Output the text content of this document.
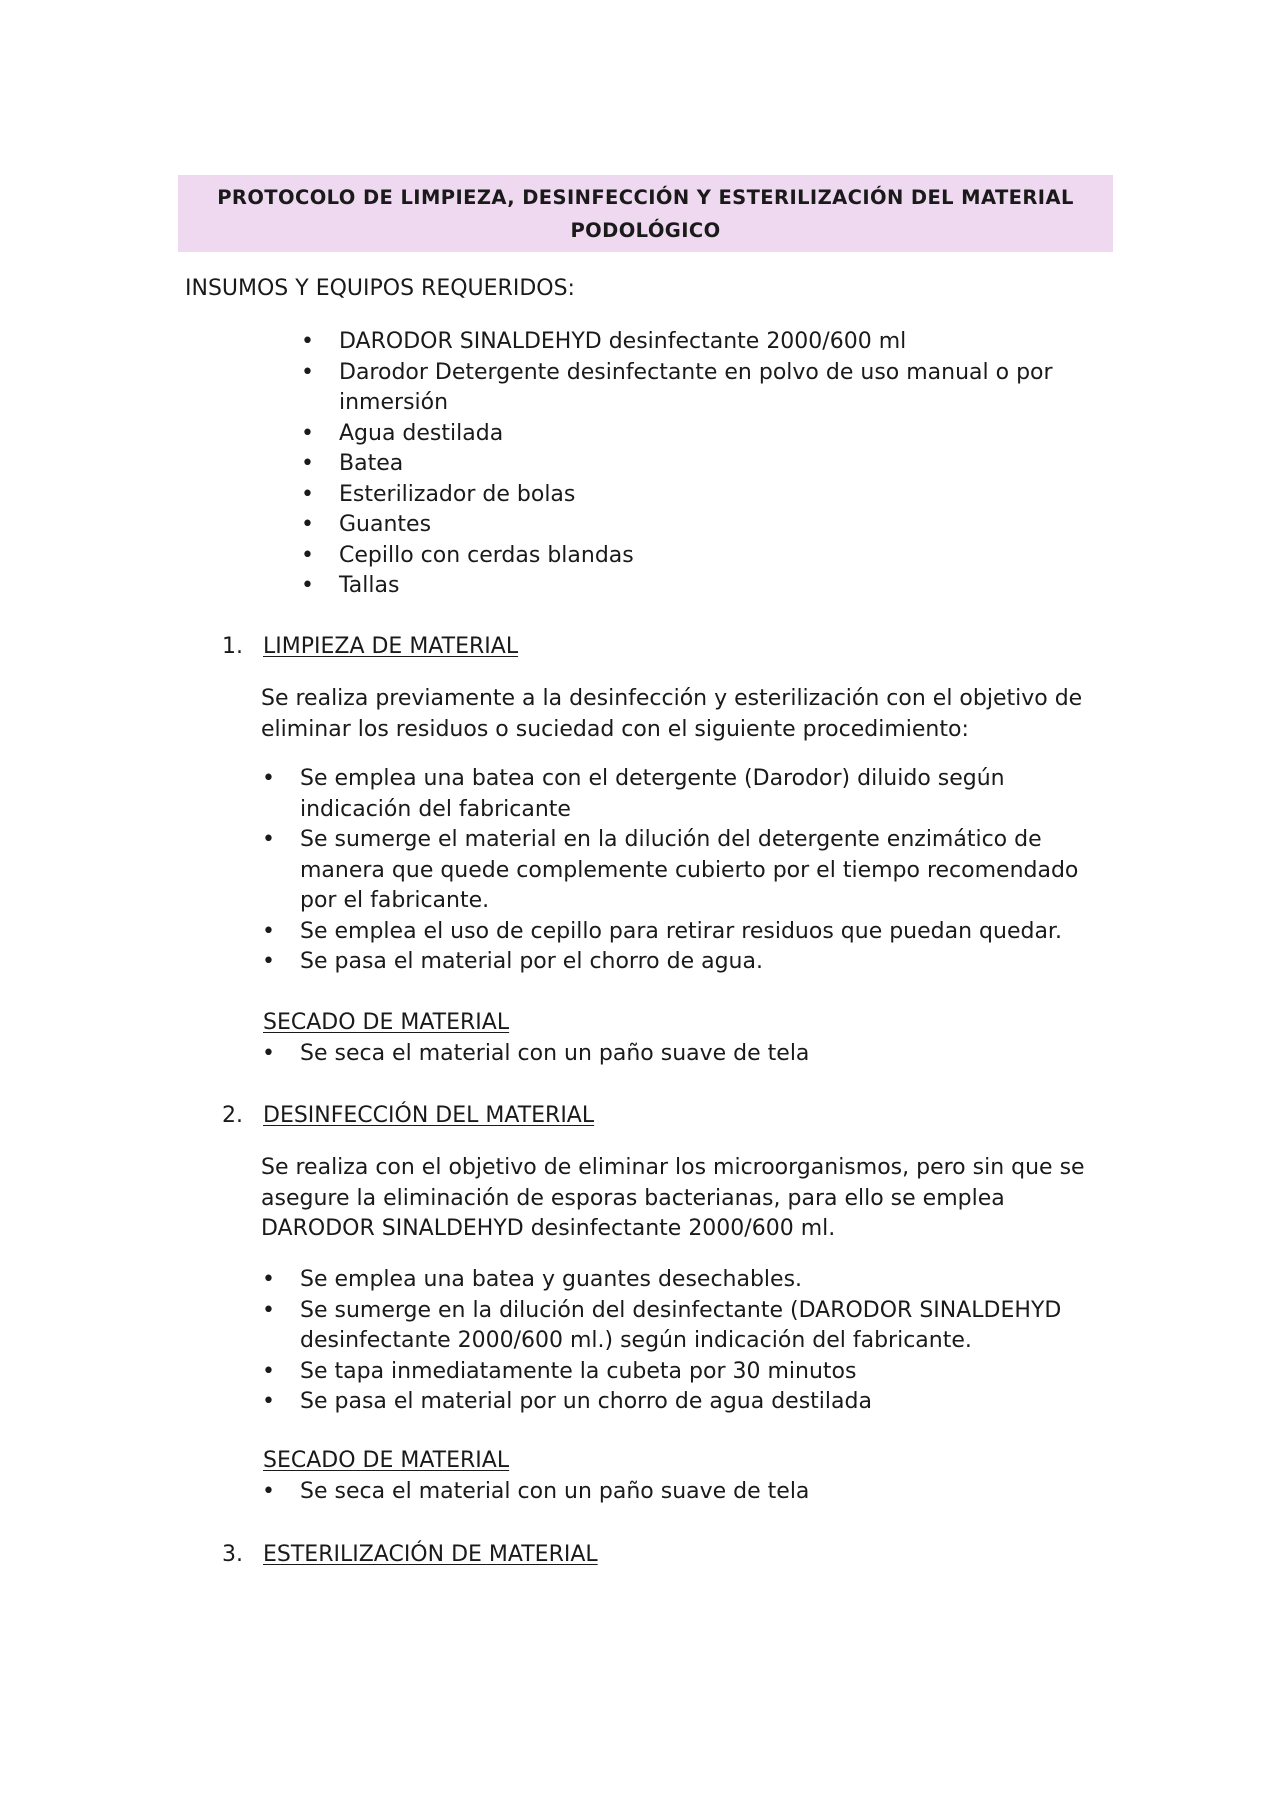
PROTOCOLO DE LIMPIEZA, DESINFECCIÓN Y ESTERILIZACIÓN DEL MATERIAL PODOLÓGICO
INSUMOS Y EQUIPOS REQUERIDOS:
• DARODOR SINALDEHYD desinfectante 2000/600 ml
• Darodor Detergente desinfectante en polvo de uso manual o por inmersión
• Agua destilada
• Batea
• Esterilizador de bolas
• Guantes
• Cepillo con cerdas blandas
• Tallas
1. LIMPIEZA DE MATERIAL
Se realiza previamente a la desinfección y esterilización con el objetivo de eliminar los residuos o suciedad con el siguiente procedimiento:
• Se emplea una batea con el detergente (Darodor) diluido según indicación del fabricante
• Se sumerge el material en la dilución del detergente enzimático de manera que quede complemente cubierto por el tiempo recomendado por el fabricante.
• Se emplea el uso de cepillo para retirar residuos que puedan quedar.
• Se pasa el material por el chorro de agua.
SECADO DE MATERIAL
• Se seca el material con un paño suave de tela
2. DESINFECCIÓN DEL MATERIAL
Se realiza con el objetivo de eliminar los microorganismos, pero sin que se asegure la eliminación de esporas bacterianas, para ello se emplea DARODOR SINALDEHYD desinfectante 2000/600 ml.
• Se emplea una batea y guantes desechables.
• Se sumerge en la dilución del desinfectante (DARODOR SINALDEHYD desinfectante 2000/600 ml.) según indicación del fabricante.
• Se tapa inmediatamente la cubeta por 30 minutos
• Se pasa el material por un chorro de agua destilada
SECADO DE MATERIAL
• Se seca el material con un paño suave de tela
3. ESTERILIZACIÓN DE MATERIAL
